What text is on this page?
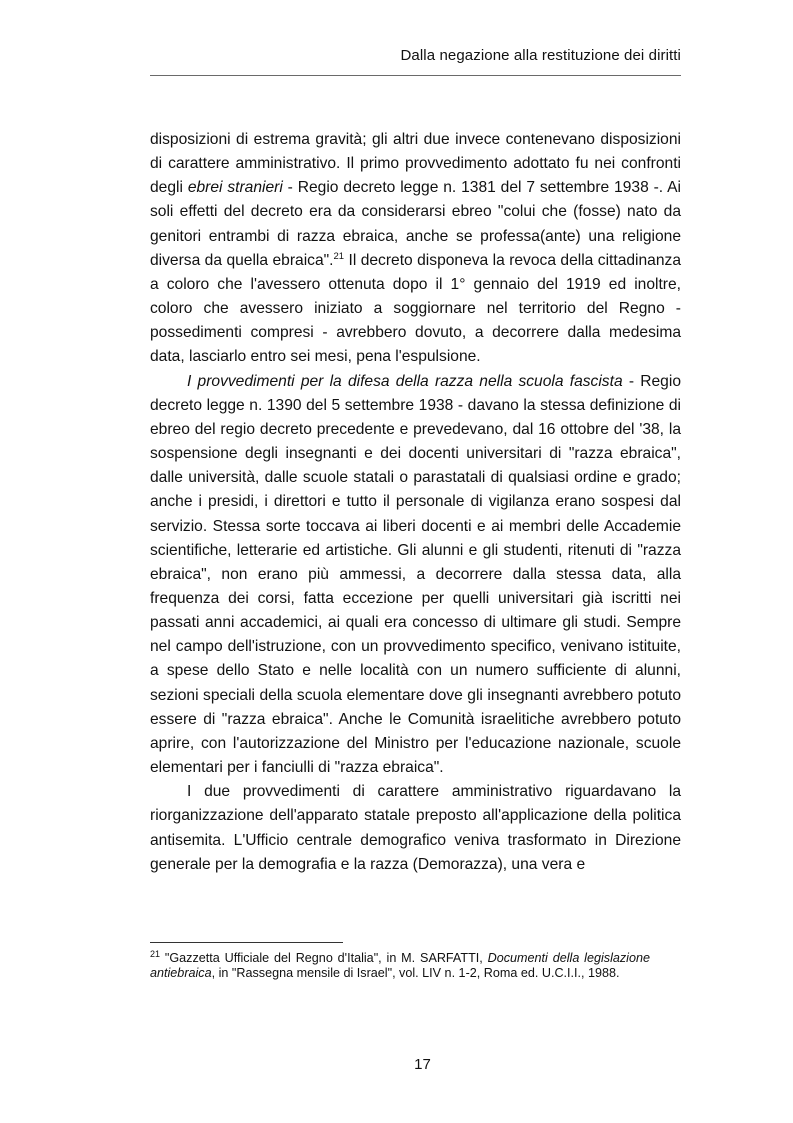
Dalla negazione alla restituzione dei diritti

disposizioni di estrema gravità; gli altri due invece contenevano disposizioni di carattere amministrativo. Il primo provvedimento adottato fu nei confronti degli ebrei stranieri - Regio decreto legge n. 1381 del 7 settembre 1938 -. Ai soli effetti del decreto era da considerarsi ebreo "colui che (fosse) nato da genitori entrambi di razza ebraica, anche se professa(ante) una religione diversa da quella ebraica".$^{21}$ Il decreto disponeva la revoca della cittadinanza a coloro che l'avessero ottenuta dopo il 1° gennaio del 1919 ed inoltre, coloro che avessero iniziato a soggiornare nel territorio del Regno - possedimenti compresi - avrebbero dovuto, a decorrere dalla medesima data, lasciarlo entro sei mesi, pena l'espulsione.

I provvedimenti per la difesa della razza nella scuola fascista - Regio decreto legge n. 1390 del 5 settembre 1938 - davano la stessa definizione di ebreo del regio decreto precedente e prevedevano, dal 16 ottobre del '38, la sospensione degli insegnanti e dei docenti universitari di "razza ebraica", dalle università, dalle scuole statali o parastatali di qualsiasi ordine e grado; anche i presidi, i direttori e tutto il personale di vigilanza erano sospesi dal servizio. Stessa sorte toccava ai liberi docenti e ai membri delle Accademie scientifiche, letterarie ed artistiche. Gli alunni e gli studenti, ritenuti di "razza ebraica", non erano più ammessi, a decorrere dalla stessa data, alla frequenza dei corsi, fatta eccezione per quelli universitari già iscritti nei passati anni accademici, ai quali era concesso di ultimare gli studi. Sempre nel campo dell'istruzione, con un provvedimento specifico, venivano istituite, a spese dello Stato e nelle località con un numero sufficiente di alunni, sezioni speciali della scuola elementare dove gli insegnanti avrebbero potuto essere di "razza ebraica". Anche le Comunità israelitiche avrebbero potuto aprire, con l'autorizzazione del Ministro per l'educazione nazionale, scuole elementari per i fanciulli di "razza ebraica".

I due provvedimenti di carattere amministrativo riguardavano la riorganizzazione dell'apparato statale preposto all'applicazione della politica antisemita. L'Ufficio centrale demografico veniva trasformato in Direzione generale per la demografia e la razza (Demorazza), una vera e

$^{21}$ "Gazzetta Ufficiale del Regno d'Italia", in M. SARFATTI, Documenti della legislazione antiebraica, in "Rassegna mensile di Israel", vol. LIV n. 1-2, Roma ed. U.C.I.I., 1988.

17
